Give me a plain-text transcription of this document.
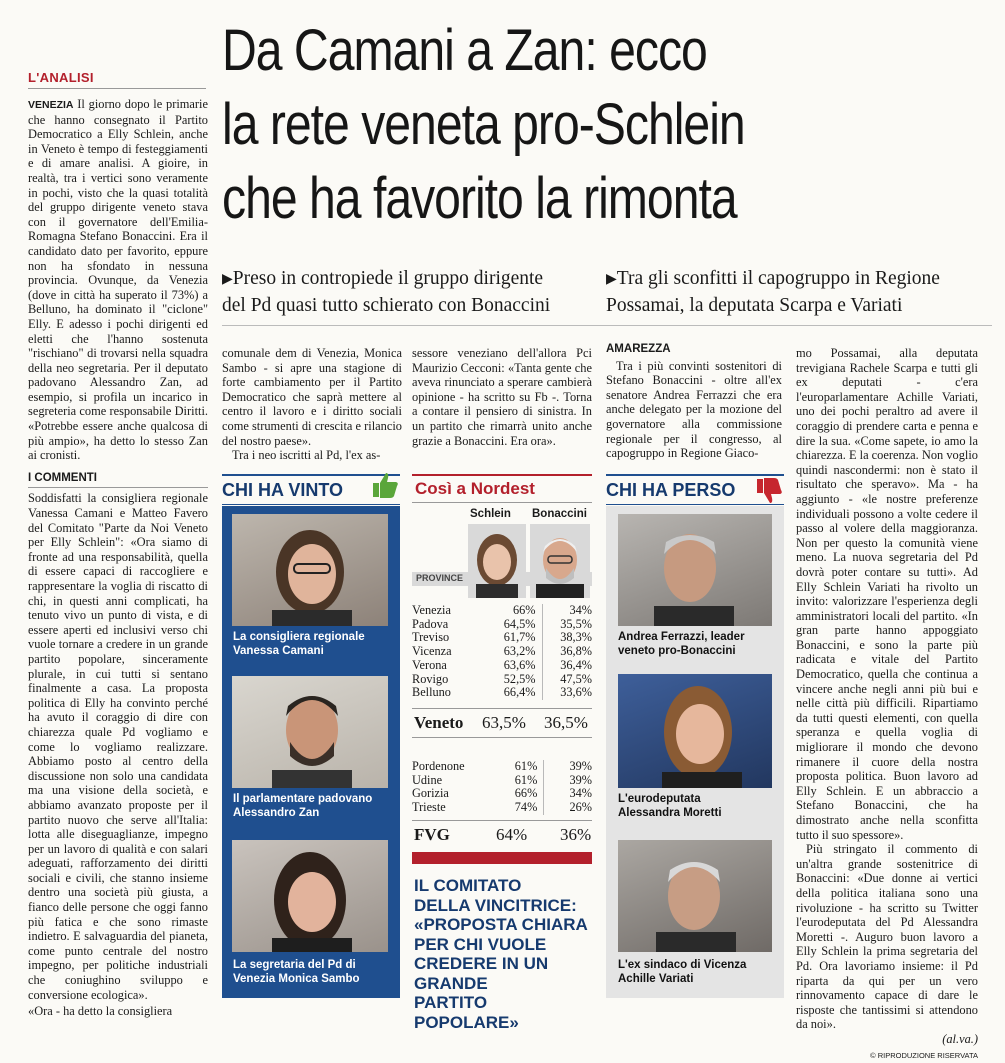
L'ANALISI Da Camani a Zan: ecco
la rete veneta pro-Schlein
che ha favorito la rimonta
▶Preso in contropiede il gruppo dirigente
del Pd quasi tutto schierato con Bonaccini
▶Tra gli sconfitti il capogruppo in Regione
Possamai, la deputata Scarpa e Variati

VENEZIA Il giorno dopo le primarie che hanno consegnato il Partito Democratico a Elly Schlein, anche in Veneto è tempo di festeggiamenti e di amare analisi. A gioire, in realtà, tra i vertici sono veramente in pochi, visto che la quasi totalità del gruppo dirigente veneto stava con il governatore dell'Emilia-Romagna Stefano Bonaccini. Era il candidato dato per favorito, eppure non ha sfondato in nessuna provincia. Ovunque, da Venezia (dove in città ha superato il 73%) a Belluno, ha dominato il "ciclone" Elly. E adesso i pochi dirigenti ed eletti che l'hanno sostenuta "rischiano" di trovarsi nella squadra della neo segretaria. Per il deputato padovano Alessandro Zan, ad esempio, si profila un incarico in segreteria come responsabile Diritti. «Potrebbe essere anche qualcosa di più ampio», ha detto lo stesso Zan ai cronisti.

I COMMENTI

Soddisfatti la consigliera regionale Vanessa Camani e Matteo Favero del Comitato "Parte da Noi Veneto per Elly Schlein": «Ora siamo di fronte ad una responsabilità, quella di essere capaci di raccogliere e rappresentare la voglia di riscatto di chi, in questi anni complicati, ha tenuto vivo un punto di vista, e di essere aperti ed inclusivi verso chi vuole tornare a credere in un grande partito popolare, sinceramente plurale, in cui tutti si sentano finalmente a casa. La proposta politica di Elly ha convinto perché ha avuto il coraggio di dire con chiarezza quale Pd vogliamo e come lo vogliamo realizzare. Abbiamo posto al centro della discussione non solo una candidata ma una visione della società, e abbiamo avanzato proposte per il partito nuovo che serve all'Italia: lotta alle diseguaglianze, impegno per un lavoro di qualità e con salari adeguati, rafforzamento dei diritti sociali e civili, che stanno insieme dentro una società più giusta, a fianco delle persone che oggi fanno più fatica e che sono rimaste indietro. E salvaguardia del pianeta, come punto centrale del nostro impegno, per politiche industriali che coniughino sviluppo e conversione ecologica».

«Ora - ha detto la consigliera

comunale dem di Venezia, Monica Sambo - si apre una stagione di forte cambiamento per il Partito Democratico che saprà mettere al centro il lavoro e i diritto sociali come strumenti di crescita e rilancio del nostro paese».

Tra i neo iscritti al Pd, l'ex as-

sessore veneziano dell'allora Pci Maurizio Cecconi: «Tanta gente che aveva rinunciato a sperare cambierà opinione - ha scritto su Fb -. Torna a contare il pensiero di sinistra. In un partito che rimarrà unito anche grazie a Bonaccini. Era ora».

AMAREZZA

Tra i più convinti sostenitori di Stefano Bonaccini - oltre all'ex senatore Andrea Ferrazzi che era anche delegato per la mozione del governatore alla commissione regionale per il congresso, al capogruppo in Regione Giaco-

mo Possamai, alla deputata trevigiana Rachele Scarpa e tutti gli ex deputati - c'era l'europarlamentare Achille Variati, uno dei pochi peraltro ad avere il coraggio di prendere carta e penna e dire la sua. «Come sapete, io amo la chiarezza. E la coerenza. Non voglio quindi nascondermi: non è stato il risultato che speravo». Ma - ha aggiunto - «le nostre preferenze individuali possono a volte cedere il passo al volere della maggioranza. Non per questo la comunità viene meno. La nuova segretaria del Pd dovrà poter contare su tutti». Ad Elly Schlein Variati ha rivolto un invito: valorizzare l'esperienza degli amministratori locali del partito. «In gran parte hanno appoggiato Bonaccini, e sono la parte più radicata e vitale del Partito Democratico, quella che continua a vincere anche negli anni più bui e nelle città più difficili. Ripartiamo da tutti questi elementi, con quella speranza e quella voglia di migliorare il mondo che devono rimanere il cuore della nostra proposta politica. Buon lavoro ad Elly Schlein. E un abbraccio a Stefano Bonaccini, che ha dimostrato anche nella sconfitta tutto il suo spessore».

Più stringato il commento di un'altra grande sostenitrice di Bonaccini: «Due donne ai vertici della politica italiana sono una rivoluzione - ha scritto su Twitter l'eurodeputata del Pd Alessandra Moretti -. Auguro buon lavoro a Elly Schlein la prima segretaria del Pd. Ora lavoriamo insieme: il Pd riparta da qui per un vero rinnovamento capace di dare le risposte che tantissimi si attendono da noi».

(al.va.)
© RIPRODUZIONE RISERVATA
CHI HA VINTO
La consigliera regionale
Vanessa Camani
Il parlamentare padovano
Alessandro Zan
La segretaria del Pd di
Venezia Monica Sambo
Così a Nordest
Schlein Bonaccini
PROVINCE
Venezia	66%	34%
Padova	64,5%	35,5%
Treviso	61,7%	38,3%
Vicenza	63,2%	36,8%
Verona	63,6%	36,4%
Rovigo	52,5%	47,5%
Belluno	66,4%	33,6%
Veneto 63,5% 36,5%
Pordenone	61%	39%
Udine	61%	39%
Gorizia	66%	34%
Trieste	74%	26%
FVG	64% 36%
IL COMITATO
DELLA VINCITRICE:
«PROPOSTA CHIARA
PER CHI VUOLE
CREDERE IN UN GRANDE
PARTITO POPOLARE»
CHI HA PERSO
Andrea Ferrazzi, leader
veneto pro-Bonaccini
L'eurodeputata
Alessandra Moretti
L'ex sindaco di Vicenza
Achille Variati
